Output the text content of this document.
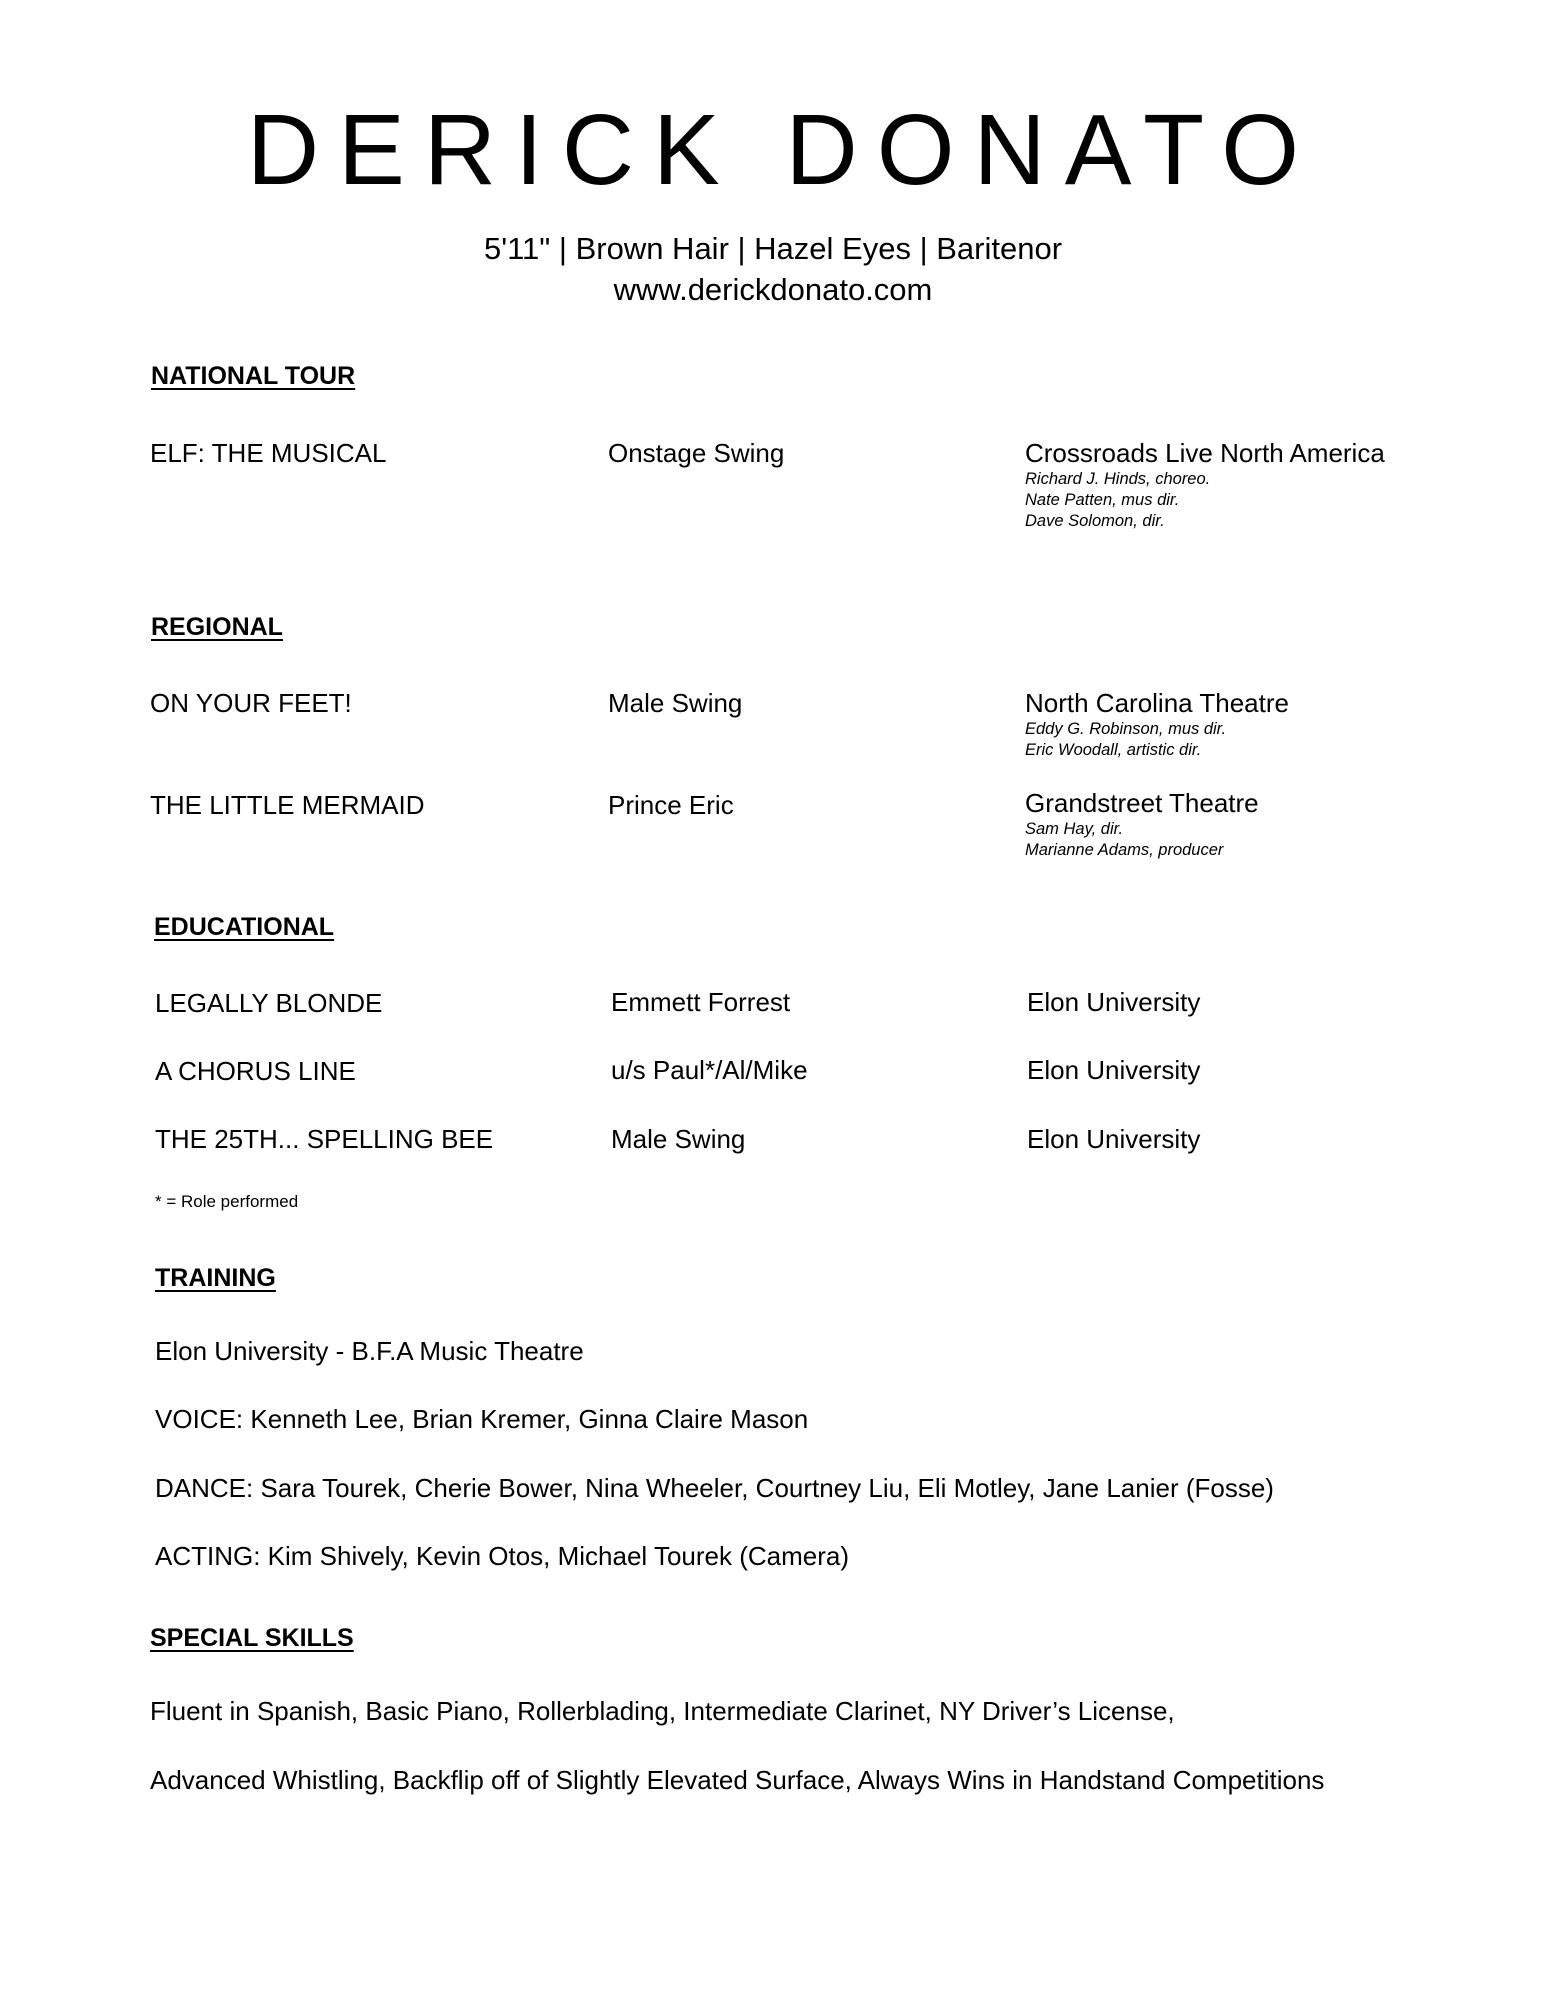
DERICK DONATO
5'11" | Brown Hair | Hazel Eyes | Baritenor
www.derickdonato.com
NATIONAL TOUR
ELF: THE MUSICAL	Onstage Swing	Crossroads Live North America
Richard J. Hinds, choreo.
Nate Patten, mus dir.
Dave Solomon, dir.
REGIONAL
ON YOUR FEET!	Male Swing	North Carolina Theatre
Eddy G. Robinson, mus dir.
Eric Woodall, artistic dir.
THE LITTLE MERMAID	Prince Eric	Grandstreet Theatre
Sam Hay, dir.
Marianne Adams, producer
EDUCATIONAL
LEGALLY BLONDE	Emmett Forrest	Elon University
A CHORUS LINE	u/s Paul*/Al/Mike	Elon University
THE 25TH... SPELLING BEE	Male Swing	Elon University
* = Role performed
TRAINING
Elon University - B.F.A Music Theatre
VOICE: Kenneth Lee, Brian Kremer, Ginna Claire Mason
DANCE: Sara Tourek, Cherie Bower, Nina Wheeler, Courtney Liu, Eli Motley, Jane Lanier (Fosse)
ACTING: Kim Shively, Kevin Otos, Michael Tourek (Camera)
SPECIAL SKILLS
Fluent in Spanish, Basic Piano, Rollerblading, Intermediate Clarinet, NY Driver’s License,
Advanced Whistling, Backflip off of Slightly Elevated Surface, Always Wins in Handstand Competitions
